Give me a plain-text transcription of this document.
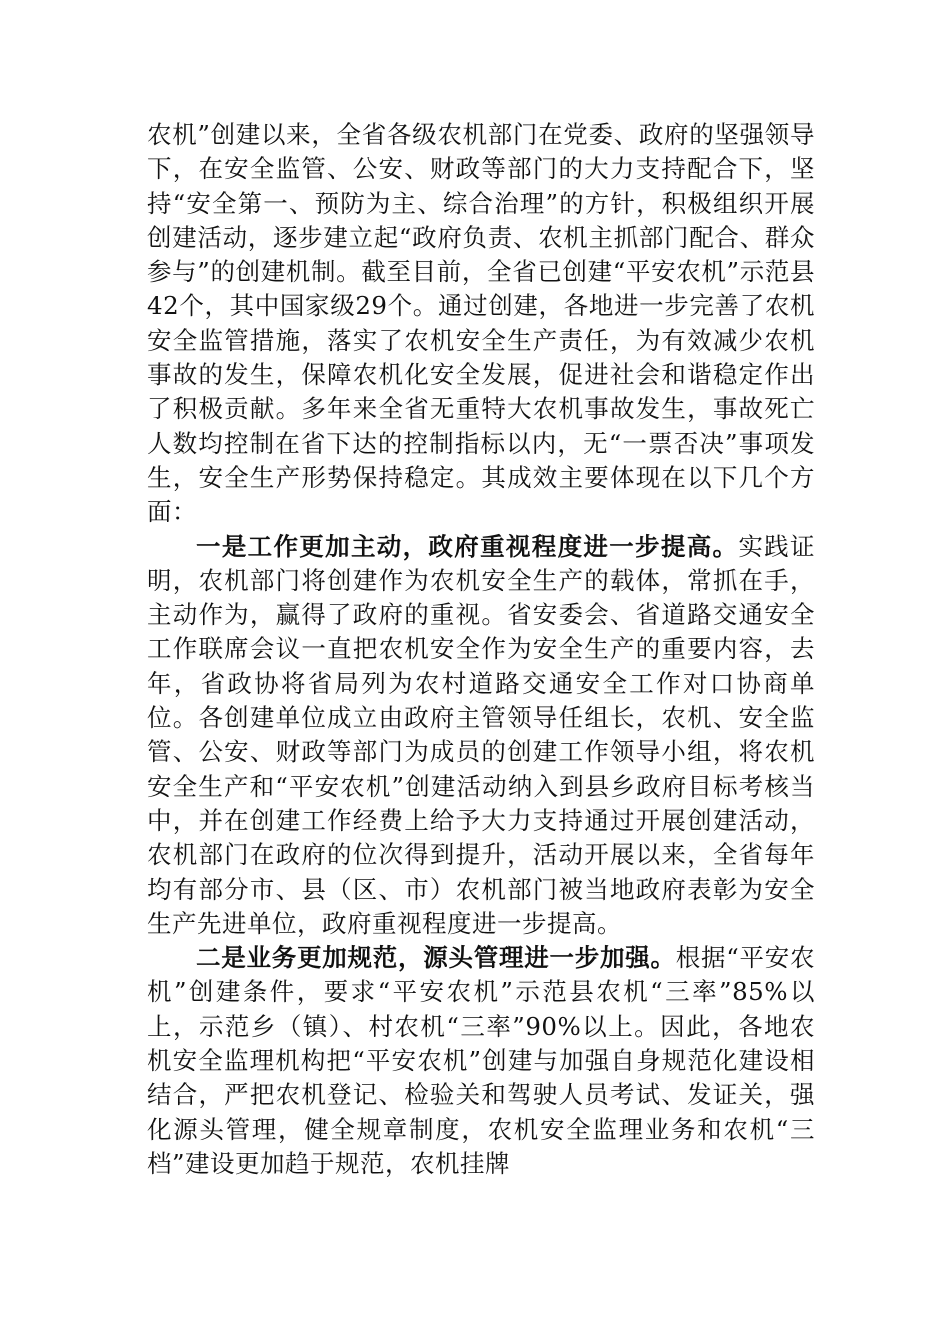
农机”创建以来，全省各级农机部门在党委、政府的坚强领导下，在安全监管、公安、财政等部门的大力支持配合下，坚持“安全第一、预防为主、综合治理”的方针，积极组织开展创建活动，逐步建立起“政府负责、农机主抓部门配合、群众参与”的创建机制。截至目前，全省已创建“平安农机”示范县42个，其中国家级29个。通过创建，各地进一步完善了农机安全监管措施，落实了农机安全生产责任，为有效减少农机事故的发生，保障农机化安全发展，促进社会和谐稳定作出了积极贡献。多年来全省无重特大农机事故发生，事故死亡人数均控制在省下达的控制指标以内，无“一票否决”事项发生，安全生产形势保持稳定。其成效主要体现在以下几个方面：

一是工作更加主动，政府重视程度进一步提高。实践证明，农机部门将创建作为农机安全生产的载体，常抓在手，主动作为，赢得了政府的重视。省安委会、省道路交通安全工作联席会议一直把农机安全作为安全生产的重要内容，去年，省政协将省局列为农村道路交通安全工作对口协商单位。各创建单位成立由政府主管领导任组长，农机、安全监管、公安、财政等部门为成员的创建工作领导小组，将农机安全生产和“平安农机”创建活动纳入到县乡政府目标考核当中，并在创建工作经费上给予大力支持通过开展创建活动，农机部门在政府的位次得到提升，活动开展以来，全省每年均有部分市、县（区、市）农机部门被当地政府表彰为安全生产先进单位，政府重视程度进一步提高。

二是业务更加规范，源头管理进一步加强。根据“平安农机”创建条件，要求“平安农机”示范县农机“三率”85%以上，示范乡（镇）、村农机“三率”90%以上。因此，各地农机安全监理机构把“平安农机”创建与加强自身规范化建设相结合，严把农机登记、检验关和驾驶人员考试、发证关，强化源头管理，健全规章制度，农机安全监理业务和农机“三档”建设更加趋于规范，农机挂牌
